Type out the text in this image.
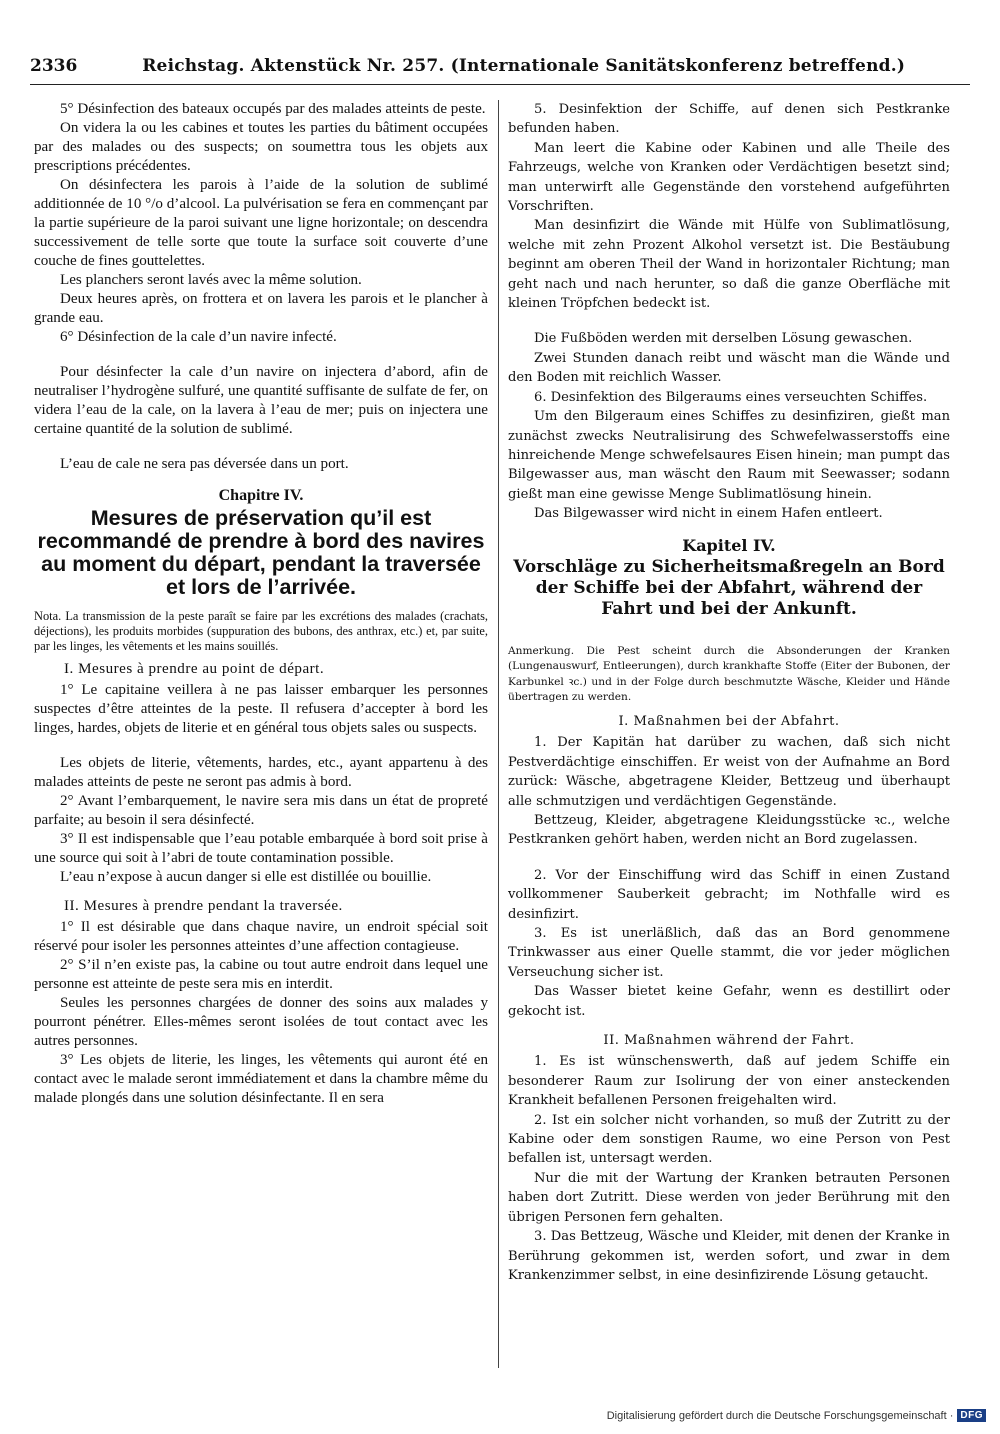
2336	Reichstag. Aktenstück Nr. 257. (Internationale Sanitätskonferenz betreffend.)

5° Désinfection des bateaux occupés par des malades atteints de peste.

On videra la ou les cabines et toutes les parties du bâtiment occupées par des malades ou des suspects; on soumettra tous les objets aux prescriptions précédentes.

On désinfectera les parois à l’aide de la solution de sublimé additionnée de 10 °/o d’alcool. La pulvérisation se fera en commençant par la partie supérieure de la paroi suivant une ligne horizontale; on descendra successivement de telle sorte que toute la surface soit couverte d’une couche de fines gouttelettes.

Les planchers seront lavés avec la même solution.

Deux heures après, on frottera et on lavera les parois et le plancher à grande eau.

6° Désinfection de la cale d’un navire infecté.

Pour désinfecter la cale d’un navire on injectera d’abord, afin de neutraliser l’hydrogène sulfuré, une quantité suffisante de sulfate de fer, on videra l’eau de la cale, on la lavera à l’eau de mer; puis on injectera une certaine quantité de la solution de sublimé.

L’eau de cale ne sera pas déversée dans un port.

Chapitre IV.
Mesures de préservation qu’il est recommandé de prendre à bord des navires au moment du départ, pendant la traversée et lors de l’arrivée.

Nota. La transmission de la peste paraît se faire par les excrétions des malades (crachats, déjections), les produits morbides (suppuration des bubons, des anthrax, etc.) et, par suite, par les linges, les vêtements et les mains souillés.

I. Mesures à prendre au point de départ.

1° Le capitaine veillera à ne pas laisser embarquer les personnes suspectes d’être atteintes de la peste. Il refusera d’accepter à bord les linges, hardes, objets de literie et en général tous objets sales ou suspects.

Les objets de literie, vêtements, hardes, etc., ayant appartenu à des malades atteints de peste ne seront pas admis à bord.

2° Avant l’embarquement, le navire sera mis dans un état de propreté parfaite; au besoin il sera désinfecté.

3° Il est indispensable que l’eau potable embarquée à bord soit prise à une source qui soit à l’abri de toute contamination possible.

L’eau n’expose à aucun danger si elle est distillée ou bouillie.

II. Mesures à prendre pendant la traversée.

1° Il est désirable que dans chaque navire, un endroit spécial soit réservé pour isoler les personnes atteintes d’une affection contagieuse.

2° S’il n’en existe pas, la cabine ou tout autre endroit dans lequel une personne est atteinte de peste sera mis en interdit.

Seules les personnes chargées de donner des soins aux malades y pourront pénétrer. Elles-mêmes seront isolées de tout contact avec les autres personnes.

3° Les objets de literie, les linges, les vêtements qui auront été en contact avec le malade seront immédiatement et dans la chambre même du malade plongés dans une solution désinfectante. Il en sera

5. Desinfektion der Schiffe, auf denen sich Pestkranke befunden haben.

Man leert die Kabine oder Kabinen und alle Theile des Fahrzeugs, welche von Kranken oder Verdächtigen besetzt sind; man unterwirft alle Gegenstände den vorstehend aufgeführten Vorschriften.

Man desinfizirt die Wände mit Hülfe von Sublimatlösung, welche mit zehn Prozent Alkohol versetzt ist. Die Bestäubung beginnt am oberen Theil der Wand in horizontaler Richtung; man geht nach und nach herunter, so daß die ganze Oberfläche mit kleinen Tröpfchen bedeckt ist.

Die Fußböden werden mit derselben Lösung gewaschen.

Zwei Stunden danach reibt und wäscht man die Wände und den Boden mit reichlich Wasser.

6. Desinfektion des Bilgeraums eines verseuchten Schiffes.

Um den Bilgeraum eines Schiffes zu desinfiziren, gießt man zunächst zwecks Neutralisirung des Schwefelwasserstoffs eine hinreichende Menge schwefelsaures Eisen hinein; man pumpt das Bilgewasser aus, man wäscht den Raum mit Seewasser; sodann gießt man eine gewisse Menge Sublimatlösung hinein.

Das Bilgewasser wird nicht in einem Hafen entleert.

Kapitel IV.
Vorschläge zu Sicherheitsmaßregeln an Bord der Schiffe bei der Abfahrt, während der Fahrt und bei der Ankunft.

Anmerkung. Die Pest scheint durch die Absonderungen der Kranken (Lungenauswurf, Entleerungen), durch krankhafte Stoffe (Eiter der Bubonen, der Karbunkel ꝛc.) und in der Folge durch beschmutzte Wäsche, Kleider und Hände übertragen zu werden.

I. Maßnahmen bei der Abfahrt.

1. Der Kapitän hat darüber zu wachen, daß sich nicht Pestverdächtige einschiffen. Er weist von der Aufnahme an Bord zurück: Wäsche, abgetragene Kleider, Bettzeug und überhaupt alle schmutzigen und verdächtigen Gegenstände.

Bettzeug, Kleider, abgetragene Kleidungsstücke ꝛc., welche Pestkranken gehört haben, werden nicht an Bord zugelassen.

2. Vor der Einschiffung wird das Schiff in einen Zustand vollkommener Sauberkeit gebracht; im Nothfalle wird es desinfizirt.

3. Es ist unerläßlich, daß das an Bord genommene Trinkwasser aus einer Quelle stammt, die vor jeder möglichen Verseuchung sicher ist.

Das Wasser bietet keine Gefahr, wenn es destillirt oder gekocht ist.

II. Maßnahmen während der Fahrt.

1. Es ist wünschenswerth, daß auf jedem Schiffe ein besonderer Raum zur Isolirung der von einer ansteckenden Krankheit befallenen Personen freigehalten wird.

2. Ist ein solcher nicht vorhanden, so muß der Zutritt zu der Kabine oder dem sonstigen Raume, wo eine Person von Pest befallen ist, untersagt werden.

Nur die mit der Wartung der Kranken betrauten Personen haben dort Zutritt. Diese werden von jeder Berührung mit den übrigen Personen fern gehalten.

3. Das Bettzeug, Wäsche und Kleider, mit denen der Kranke in Berührung gekommen ist, werden sofort, und zwar in dem Krankenzimmer selbst, in eine desinfizirende Lösung getaucht.

Digitalisierung gefördert durch die Deutsche Forschungsgemeinschaft · DFG
